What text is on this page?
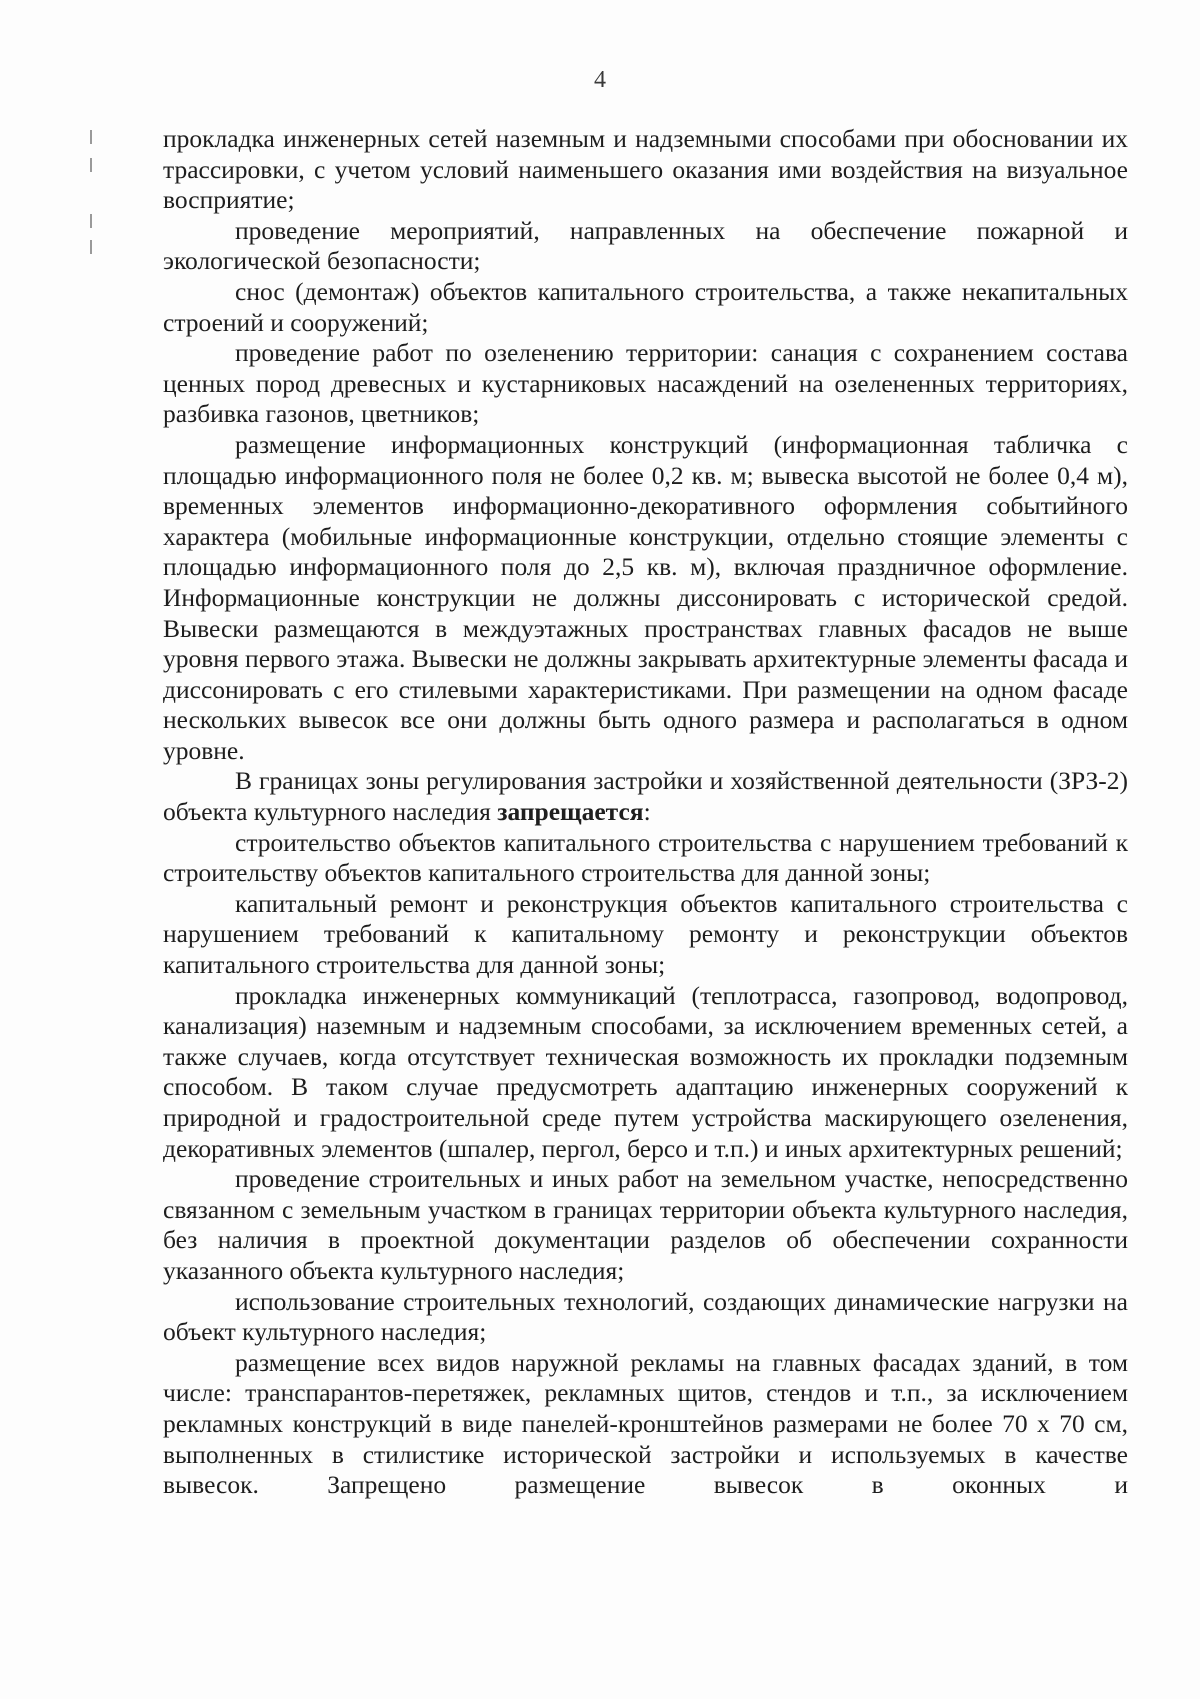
4

прокладка инженерных сетей наземным и надземными способами при обосновании их трассировки, с учетом условий наименьшего оказания ими воздействия на визуальное восприятие;

проведение мероприятий, направленных на обеспечение пожарной и экологической безопасности;

снос (демонтаж) объектов капитального строительства, а также некапитальных строений и сооружений;

проведение работ по озеленению территории: санация с сохранением состава ценных пород древесных и кустарниковых насаждений на озелененных территориях, разбивка газонов, цветников;

размещение информационных конструкций (информационная табличка с площадью информационного поля не более 0,2 кв. м; вывеска высотой не более 0,4 м), временных элементов информационно-декоративного оформления событийного характера (мобильные информационные конструкции, отдельно стоящие элементы с площадью информационного поля до 2,5 кв. м), включая праздничное оформление. Информационные конструкции не должны диссонировать с исторической средой. Вывески размещаются в междуэтажных пространствах главных фасадов не выше уровня первого этажа. Вывески не должны закрывать архитектурные элементы фасада и диссонировать с его стилевыми характеристиками. При размещении на одном фасаде нескольких вывесок все они должны быть одного размера и располагаться в одном уровне.

В границах зоны регулирования застройки и хозяйственной деятельности (ЗРЗ-2) объекта культурного наследия запрещается:

строительство объектов капитального строительства с нарушением требований к строительству объектов капитального строительства для данной зоны;

капитальный ремонт и реконструкция объектов капитального строительства с нарушением требований к капитальному ремонту и реконструкции объектов капитального строительства для данной зоны;

прокладка инженерных коммуникаций (теплотрасса, газопровод, водопровод, канализация) наземным и надземным способами, за исключением временных сетей, а также случаев, когда отсутствует техническая возможность их прокладки подземным способом. В таком случае предусмотреть адаптацию инженерных сооружений к природной и градостроительной среде путем устройства маскирующего озеленения, декоративных элементов (шпалер, пергол, берсо и т.п.) и иных архитектурных решений;

проведение строительных и иных работ на земельном участке, непосредственно связанном с земельным участком в границах территории объекта культурного наследия, без наличия в проектной документации разделов об обеспечении сохранности указанного объекта культурного наследия;

использование строительных технологий, создающих динамические нагрузки на объект культурного наследия;

размещение всех видов наружной рекламы на главных фасадах зданий, в том числе: транспарантов-перетяжек, рекламных щитов, стендов и т.п., за исключением рекламных конструкций в виде панелей-кронштейнов размерами не более 70 х 70 см, выполненных в стилистике исторической застройки и используемых в качестве вывесок. Запрещено размещение вывесок в оконных и
